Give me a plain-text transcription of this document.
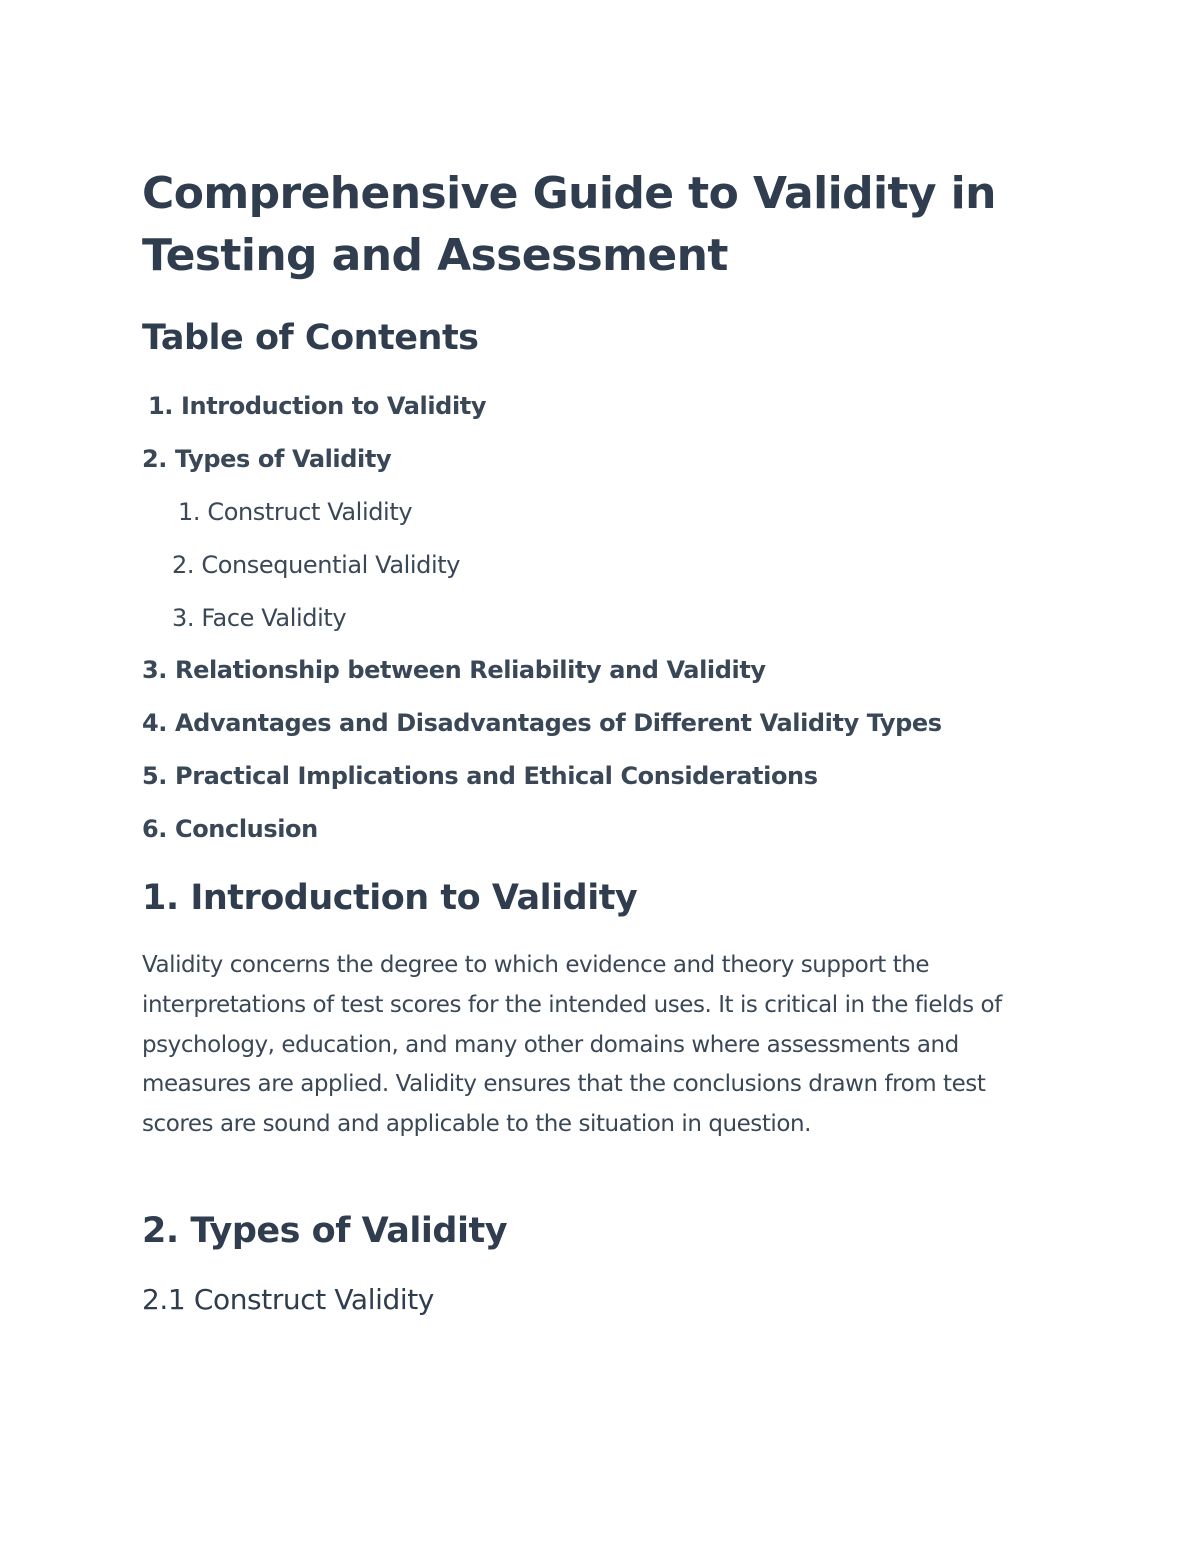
Comprehensive Guide to Validity in Testing and Assessment
Table of Contents
1. Introduction to Validity
2. Types of Validity
1. Construct Validity
2. Consequential Validity
3. Face Validity
3. Relationship between Reliability and Validity
4. Advantages and Disadvantages of Different Validity Types
5. Practical Implications and Ethical Considerations
6. Conclusion
1. Introduction to Validity

Validity concerns the degree to which evidence and theory support the interpretations of test scores for the intended uses. It is critical in the fields of psychology, education, and many other domains where assessments and measures are applied. Validity ensures that the conclusions drawn from test scores are sound and applicable to the situation in question.

2. Types of Validity
2.1 Construct Validity
